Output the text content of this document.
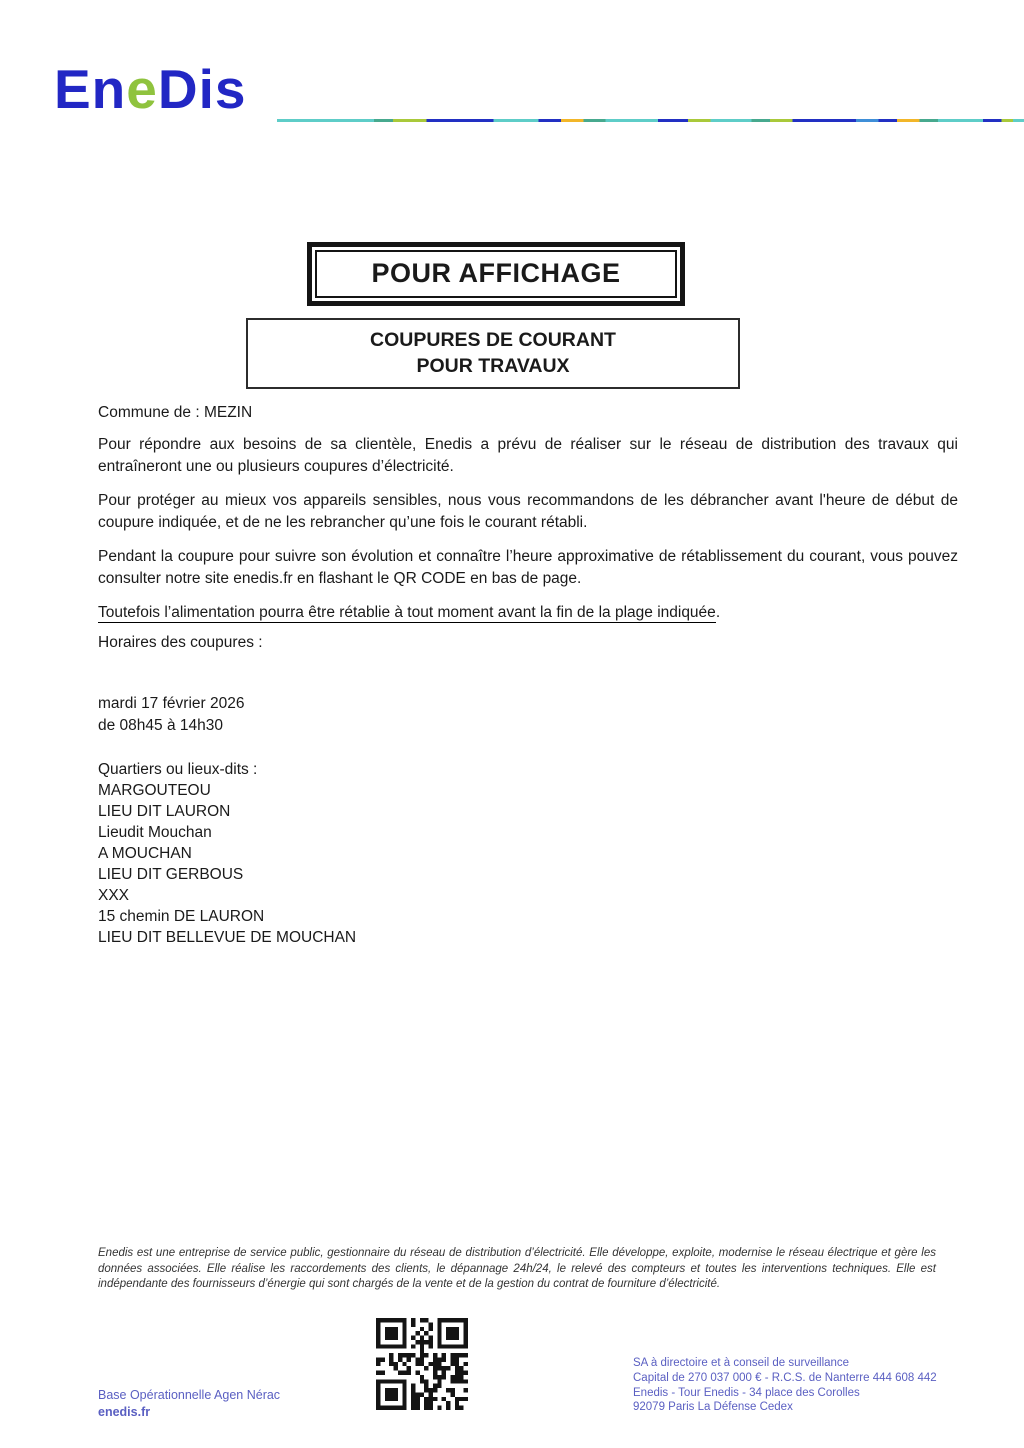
EneDis
POUR AFFICHAGE
COUPURES DE COURANT
POUR TRAVAUX
Commune de : MEZIN

Pour répondre aux besoins de sa clientèle, Enedis a prévu de réaliser sur le réseau de distribution des travaux qui entraîneront une ou plusieurs coupures d’électricité.

Pour protéger au mieux vos appareils sensibles, nous vous recommandons de les débrancher avant l'heure de début de coupure indiquée, et de ne les rebrancher qu’une fois le courant rétabli.

Pendant la coupure pour suivre son évolution et connaître l’heure approximative de rétablissement du courant, vous pouvez consulter notre site enedis.fr en flashant le QR CODE en bas de page.

Toutefois l’alimentation pourra être rétablie à tout moment avant la fin de la plage indiquée.

Horaires des coupures :
mardi 17 février 2026
de 08h45 à 14h30
Quartiers ou lieux-dits :
MARGOUTEOU
LIEU DIT LAURON
Lieudit Mouchan
A MOUCHAN
LIEU DIT GERBOUS
XXX
15 chemin DE LAURON
LIEU DIT BELLEVUE DE MOUCHAN
Enedis est une entreprise de service public, gestionnaire du réseau de distribution d’électricité. Elle développe, exploite, modernise le réseau électrique et gère les données associées. Elle réalise les raccordements des clients, le dépannage 24h/24, le relevé des compteurs et toutes les interventions techniques. Elle est indépendante des fournisseurs d’énergie qui sont chargés de la vente et de la gestion du contrat de fourniture d’électricité.
Base Opérationnelle Agen Nérac
enedis.fr
SA à directoire et à conseil de surveillance
Capital de 270 037 000 € - R.C.S. de Nanterre 444 608 442
Enedis - Tour Enedis - 34 place des Corolles
92079 Paris La Défense Cedex
